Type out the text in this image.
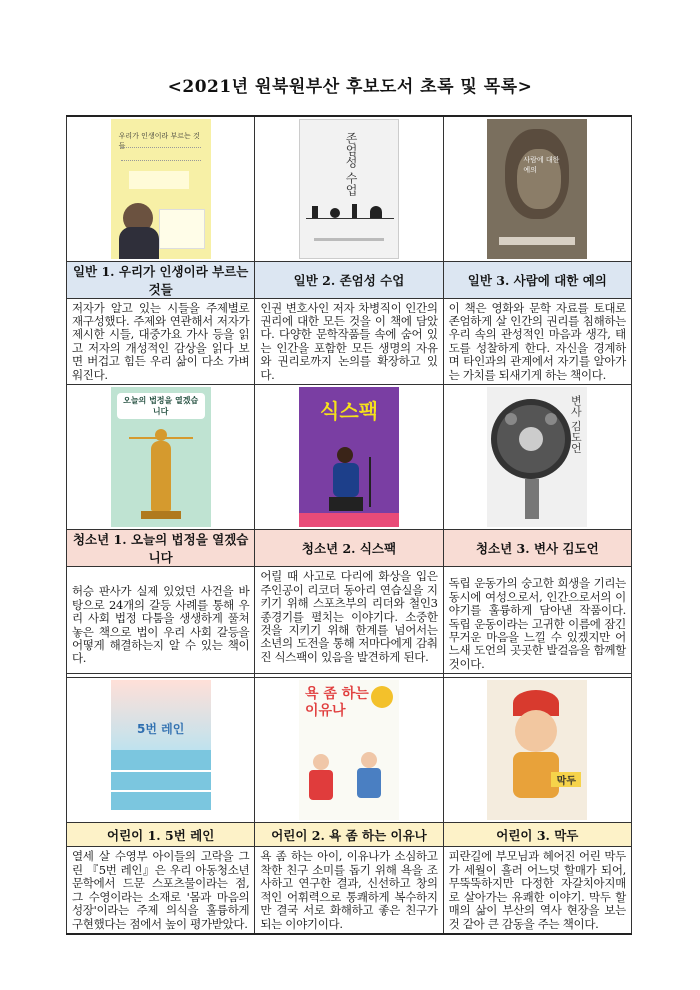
<2021년 원북원부산 후보도서 초록 및 목록>
우리가 인생이라 부르는 것들	존엄성 수업	사람에 대한 예의

일반 1. 우리가 인생이라 부르는 것들	일반 2. 존엄성 수업	일반 3. 사람에 대한 예의
저자가 알고 있는 시들을 주제별로 재구성했다. 주제와 연관해서 저자가 제시한 시들, 대중가요 가사 등을 읽고 저자의 개성적인 감상을 읽다 보면 버겁고 힘든 우리 삶이 다소 가벼워진다.	인권 변호사인 저자 차병직이 인간의 권리에 대한 모든 것을 이 책에 담았다. 다양한 문학작품들 속에 숨어 있는 인간을 포함한 모든 생명의 자유와 권리로까지 논의를 확장하고 있다.	이 책은 영화와 문학 자료를 토대로 존엄하게 살 인간의 권리를 침해하는 우리 속의 관성적인 마음과 생각, 태도를 성찰하게 한다. 자신을 경계하며 타인과의 관계에서 자기를 알아가는 가치를 되새기게 하는 책이다.

오늘의 법정을 열겠습니다	식스팩	변사 김도언

청소년 1. 오늘의 법정을 열겠습니다	청소년 2. 식스팩	청소년 3. 변사 김도언
허승 판사가 실제 있었던 사건을 바탕으로 24개의 갈등 사례를 통해 우리 사회 법정 다툼을 생생하게 풀쳐 놓은 책으로 법이 우리 사회 갈등을 어떻게 해결하는지 알 수 있는 책이다.	어릴 때 사고로 다리에 화상을 입은 주인공이 리코더 동아리 연습실을 지키기 위해 스포츠부의 리더와 철인3종경기를 펼치는 이야기다. 소중한 것을 지키기 위해 한계를 넘어서는 소년의 도전을 통해 저마다에게 감춰진 식스팩이 있음을 발견하게 된다.	독립 운동가의 숭고한 희생을 기리는 동시에 여성으로서, 인간으로서의 이야기를 훌륭하게 담아낸 작품이다. 독립 운동이라는 고귀한 이름에 잠긴 무거운 마음을 느낄 수 있겠지만 어느새 도언의 곳곳한 발걸음을 함께할 것이다.

5번 레인	욕 좀 하는 이유나	막두

어린이 1. 5번 레인	어린이 2. 욕 좀 하는 이유나	어린이 3. 막두
열세 살 수영부 아이들의 고락을 그린 『5번 레인』은 우리 아동청소년문학에서 드문 스포츠물이라는 점, 그 수영이라는 소재로 '몸과 마음의 성장'이라는 주제 의식을 훌륭하게 구현했다는 점에서 높이 평가받았다.	욕 좀 하는 아이, 이유나가 소심하고 착한 친구 소미를 돕기 위해 욕을 조사하고 연구한 결과, 신선하고 창의적인 어휘력으로 통쾌하게 복수하지만 결국 서로 화해하고 좋은 친구가 되는 이야기이다.	피란길에 부모님과 헤어진 어린 막두가 세월이 흘러 어느덧 할매가 되어, 무뚝뚝하지만 다정한 자갈치아지매로 살아가는 유쾌한 이야기. 막두 할매의 삶이 부산의 역사 현장을 보는 것 같아 큰 감동을 주는 책이다.
